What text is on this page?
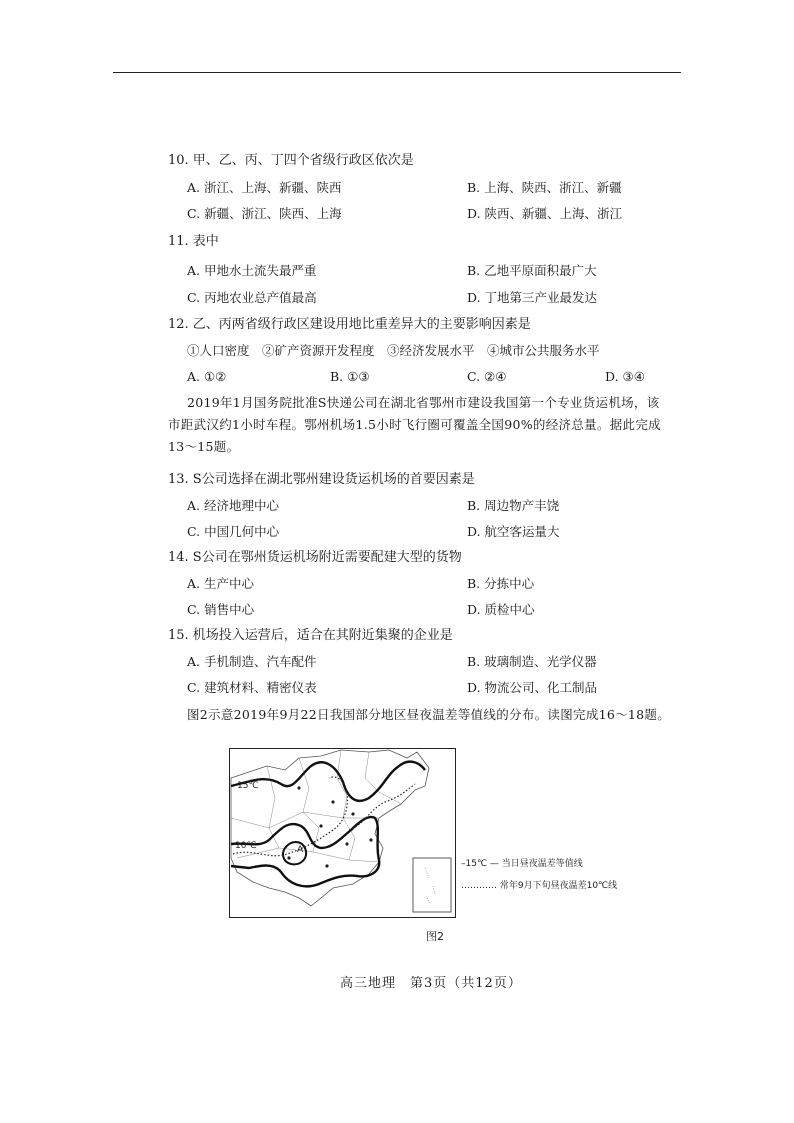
10. 甲、乙、丙、丁四个省级行政区依次是
A. 浙江、上海、新疆、陕西	B. 上海、陕西、浙江、新疆
C. 新疆、浙江、陕西、上海	D. 陕西、新疆、上海、浙江
11. 表中
A. 甲地水土流失最严重	B. 乙地平原面积最广大
C. 丙地农业总产值最高	D. 丁地第三产业最发达
12. 乙、丙两省级行政区建设用地比重差异大的主要影响因素是
①人口密度　②矿产资源开发程度　③经济发展水平　④城市公共服务水平
A. ①②	B. ①③	C. ②④	D. ③④
2019年1月国务院批准S快递公司在湖北省鄂州市建设我国第一个专业货运机场，该
市距武汉约1小时车程。鄂州机场1.5小时飞行圈可覆盖全国90%的经济总量。据此完成
13～15题。
13. S公司选择在湖北鄂州建设货运机场的首要因素是
A. 经济地理中心	B. 周边物产丰饶
C. 中国几何中心	D. 航空客运量大
14. S公司在鄂州货运机场附近需要配建大型的货物
A. 生产中心	B. 分拣中心
C. 销售中心	D. 质检中心
15. 机场投入运营后，适合在其附近集聚的企业是
A. 手机制造、汽车配件	B. 玻璃制造、光学仪器
C. 建筑材料、精密仪表	D. 物流公司、化工制品
图2示意2019年9月22日我国部分地区昼夜温差等值线的分布。读图完成16～18题。
15℃
10℃	A
–15℃ — 当日昼夜温差等值线
………… 常年9月下旬昼夜温差10℃线
图2
高三地理　第3页（共12页）
